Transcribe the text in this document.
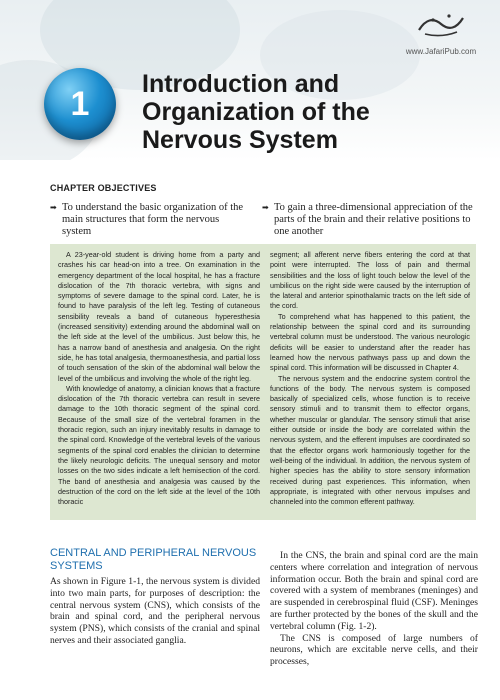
www.JafariPub.com
1
Introduction and Organization of the Nervous System
CHAPTER OBJECTIVES
➡ To understand the basic organization of the main structures that form the nervous system
➡ To gain a three-dimensional appreciation of the parts of the brain and their relative positions to one another

A 23-year-old student is driving home from a party and crashes his car head-on into a tree. On examination in the emergency department of the local hospital, he has a fracture dislocation of the 7th thoracic vertebra, with signs and symptoms of severe damage to the spinal cord. Later, he is found to have paralysis of the left leg. Testing of cutaneous sensibility reveals a band of cutaneous hyperesthesia (increased sensitivity) extending around the abdominal wall on the left side at the level of the umbilicus. Just below this, he has a narrow band of anesthesia and analgesia. On the right side, he has total analgesia, thermoanesthesia, and partial loss of touch sensation of the skin of the abdominal wall below the level of the umbilicus and involving the whole of the right leg.

With knowledge of anatomy, a clinician knows that a fracture dislocation of the 7th thoracic vertebra can result in severe damage to the 10th thoracic segment of the spinal cord. Because of the small size of the vertebral foramen in the thoracic region, such an injury inevitably results in damage to the spinal cord. Knowledge of the vertebral levels of the various segments of the spinal cord enables the clinician to determine the likely neurologic deficits. The unequal sensory and motor losses on the two sides indicate a left hemisection of the cord. The band of anesthesia and analgesia was caused by the destruction of the cord on the left side at the level of the 10th thoracic

segment; all afferent nerve fibers entering the cord at that point were interrupted. The loss of pain and thermal sensibilities and the loss of light touch below the level of the umbilicus on the right side were caused by the interruption of the lateral and anterior spinothalamic tracts on the left side of the cord.

To comprehend what has happened to this patient, the relationship between the spinal cord and its surrounding vertebral column must be understood. The various neurologic deficits will be easier to understand after the reader has learned how the nervous pathways pass up and down the spinal cord. This information will be discussed in Chapter 4.

The nervous system and the endocrine system control the functions of the body. The nervous system is composed basically of specialized cells, whose function is to receive sensory stimuli and to transmit them to effector organs, whether muscular or glandular. The sensory stimuli that arise either outside or inside the body are correlated within the nervous system, and the efferent impulses are coordinated so that the effector organs work harmoniously together for the well-being of the individual. In addition, the nervous system of higher species has the ability to store sensory information received during past experiences. This information, when appropriate, is integrated with other nervous impulses and channeled into the common efferent pathway.

CENTRAL AND PERIPHERAL NERVOUS SYSTEMS

As shown in Figure 1-1, the nervous system is divided into two main parts, for purposes of description: the central nervous system (CNS), which consists of the brain and spinal cord, and the peripheral nervous system (PNS), which consists of the cranial and spinal nerves and their associated ganglia.

In the CNS, the brain and spinal cord are the main centers where correlation and integration of nervous information occur. Both the brain and spinal cord are covered with a system of membranes (meninges) and are suspended in cerebrospinal fluid (CSF). Meninges are further protected by the bones of the skull and the vertebral column (Fig. 1-2).

The CNS is composed of large numbers of neurons, which are excitable nerve cells, and their processes,
